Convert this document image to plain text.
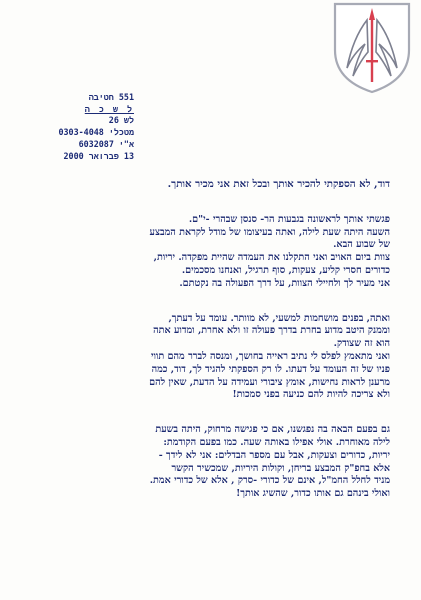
551 חטיבה
ל ש כ ה
לש 26
מטכלי 0303-4048
א"י 6032087
13 פברואר 2000

דוד, לא הספקתי להכיר אותך ובכל זאת אני מכיר אותך.

פגשתי אותך לראשונה בגבעות הר- סנסן שבהרי -י"ם.
השעה היתה שעת לילה, ואתה בעיצומו של מודל לקראת המבצע
של שבוע הבא.
צוות ביום האויב ואני התקלנו את העמדה שהיית מפקדה. יריות,
כדורים חסרי קליע, צעקות, סוף תרגיל, ואנחנו מסכמים.
אני מעיר לך ולחיילי הצוות, על דרך הפעולה בה נקטתם.

ואתה, בפנים מושחמות למשעי, לא מוותר. עומד על דעתך,
וממנק היטב מדוע בחרת בדרך פעולה זו ולא אחרת, ומדוע אתה
הוא זה שצודק.
ואני מתאמץ לפלס לי נתיב ראייה בחושך, ומנסה לברר מהם תווי
פניו של זה העומד על דעתו. לו רק הספקתי להגיד לך, דוד, כמה
מרענן לראות נחישות, אומץ ציבורי ועמידה על הדעת, שאין להם
ולא צריכה להיות להם כניעה בפני סמכות!

גם בפעם הבאה בה נפגשנו, אם כי פגישה מרחוק, היתה בשעת
לילה מאוחרת. אולי אפילו באותה שעה. כמו בפעם הקודמת:
יריות, כדורים וצעקות, אבל עם מספר הבדלים: אני לא לידך -
אלא בחפ"ק המבצע בריחן, וקולות היריות, שמכשיר הקשר
מניד לחלל החמ"ל, אינם של כדורי -סרק , אלא של כדורי אמת.
ואולי בינהם גם אותו כדור, שהשיג אותך!
